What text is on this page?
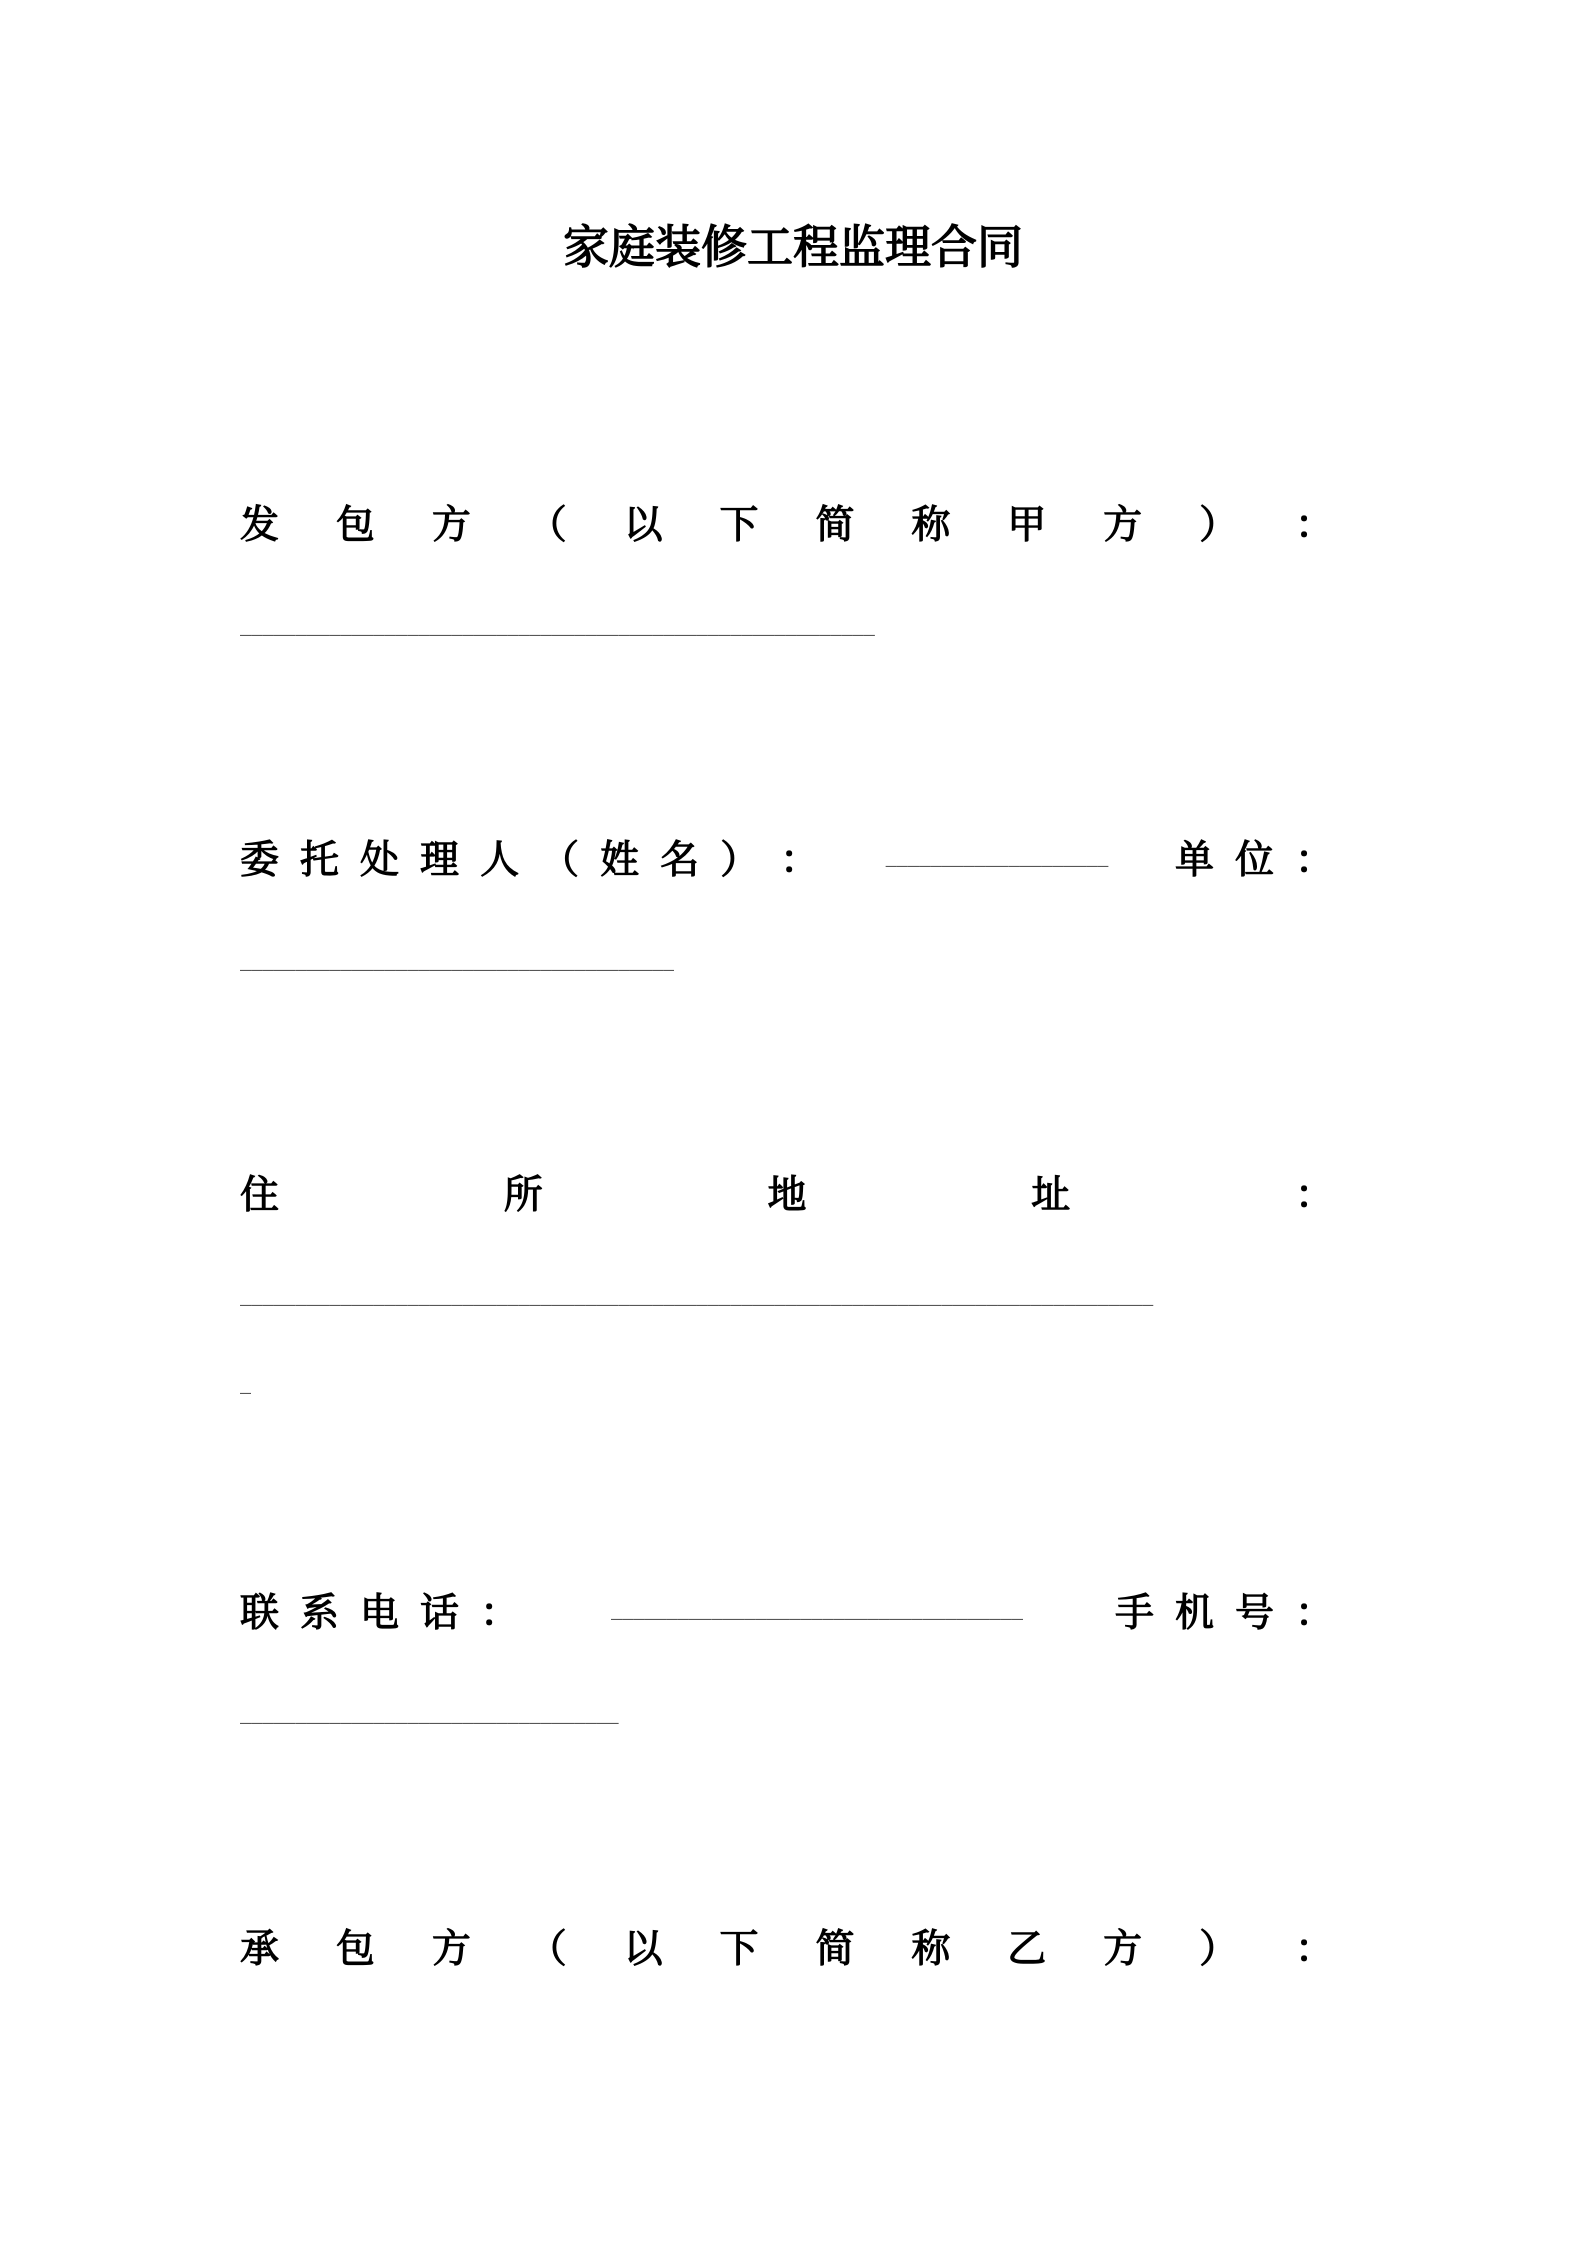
家庭装修工程监理合同
发 包 方 （ 以 下 简 称 甲 方 ） ：
_________________________________________________________
委 托 处 理 人 （ 姓 名 ） ：	____________________ 单 位 ：
_______________________________________
住	所	地	址	：
__________________________________________________________________________________
_
联 系 电 话 ：	_____________________________________ 手 机 号 ：
__________________________________
承 包 方 （ 以 下 简 称 乙 方 ） ：
